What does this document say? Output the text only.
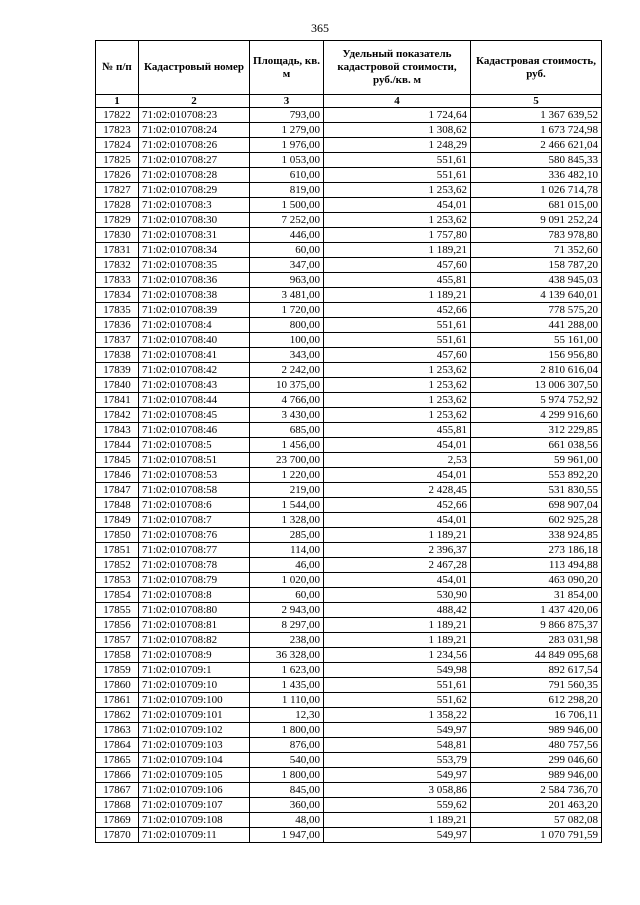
365
№ п/п	Кадастровый номер	Площадь, кв. м	Удельный показатель кадастровой стоимости, руб./кв. м	Кадастровая стоимость, руб.
1	2	3	4	5
17822	71:02:010708:23	793,00	1 724,64	1 367 639,52
17823	71:02:010708:24	1 279,00	1 308,62	1 673 724,98
17824	71:02:010708:26	1 976,00	1 248,29	2 466 621,04
17825	71:02:010708:27	1 053,00	551,61	580 845,33
17826	71:02:010708:28	610,00	551,61	336 482,10
17827	71:02:010708:29	819,00	1 253,62	1 026 714,78
17828	71:02:010708:3	1 500,00	454,01	681 015,00
17829	71:02:010708:30	7 252,00	1 253,62	9 091 252,24
17830	71:02:010708:31	446,00	1 757,80	783 978,80
17831	71:02:010708:34	60,00	1 189,21	71 352,60
17832	71:02:010708:35	347,00	457,60	158 787,20
17833	71:02:010708:36	963,00	455,81	438 945,03
17834	71:02:010708:38	3 481,00	1 189,21	4 139 640,01
17835	71:02:010708:39	1 720,00	452,66	778 575,20
17836	71:02:010708:4	800,00	551,61	441 288,00
17837	71:02:010708:40	100,00	551,61	55 161,00
17838	71:02:010708:41	343,00	457,60	156 956,80
17839	71:02:010708:42	2 242,00	1 253,62	2 810 616,04
17840	71:02:010708:43	10 375,00	1 253,62	13 006 307,50
17841	71:02:010708:44	4 766,00	1 253,62	5 974 752,92
17842	71:02:010708:45	3 430,00	1 253,62	4 299 916,60
17843	71:02:010708:46	685,00	455,81	312 229,85
17844	71:02:010708:5	1 456,00	454,01	661 038,56
17845	71:02:010708:51	23 700,00	2,53	59 961,00
17846	71:02:010708:53	1 220,00	454,01	553 892,20
17847	71:02:010708:58	219,00	2 428,45	531 830,55
17848	71:02:010708:6	1 544,00	452,66	698 907,04
17849	71:02:010708:7	1 328,00	454,01	602 925,28
17850	71:02:010708:76	285,00	1 189,21	338 924,85
17851	71:02:010708:77	114,00	2 396,37	273 186,18
17852	71:02:010708:78	46,00	2 467,28	113 494,88
17853	71:02:010708:79	1 020,00	454,01	463 090,20
17854	71:02:010708:8	60,00	530,90	31 854,00
17855	71:02:010708:80	2 943,00	488,42	1 437 420,06
17856	71:02:010708:81	8 297,00	1 189,21	9 866 875,37
17857	71:02:010708:82	238,00	1 189,21	283 031,98
17858	71:02:010708:9	36 328,00	1 234,56	44 849 095,68
17859	71:02:010709:1	1 623,00	549,98	892 617,54
17860	71:02:010709:10	1 435,00	551,61	791 560,35
17861	71:02:010709:100	1 110,00	551,62	612 298,20
17862	71:02:010709:101	12,30	1 358,22	16 706,11
17863	71:02:010709:102	1 800,00	549,97	989 946,00
17864	71:02:010709:103	876,00	548,81	480 757,56
17865	71:02:010709:104	540,00	553,79	299 046,60
17866	71:02:010709:105	1 800,00	549,97	989 946,00
17867	71:02:010709:106	845,00	3 058,86	2 584 736,70
17868	71:02:010709:107	360,00	559,62	201 463,20
17869	71:02:010709:108	48,00	1 189,21	57 082,08
17870	71:02:010709:11	1 947,00	549,97	1 070 791,59
